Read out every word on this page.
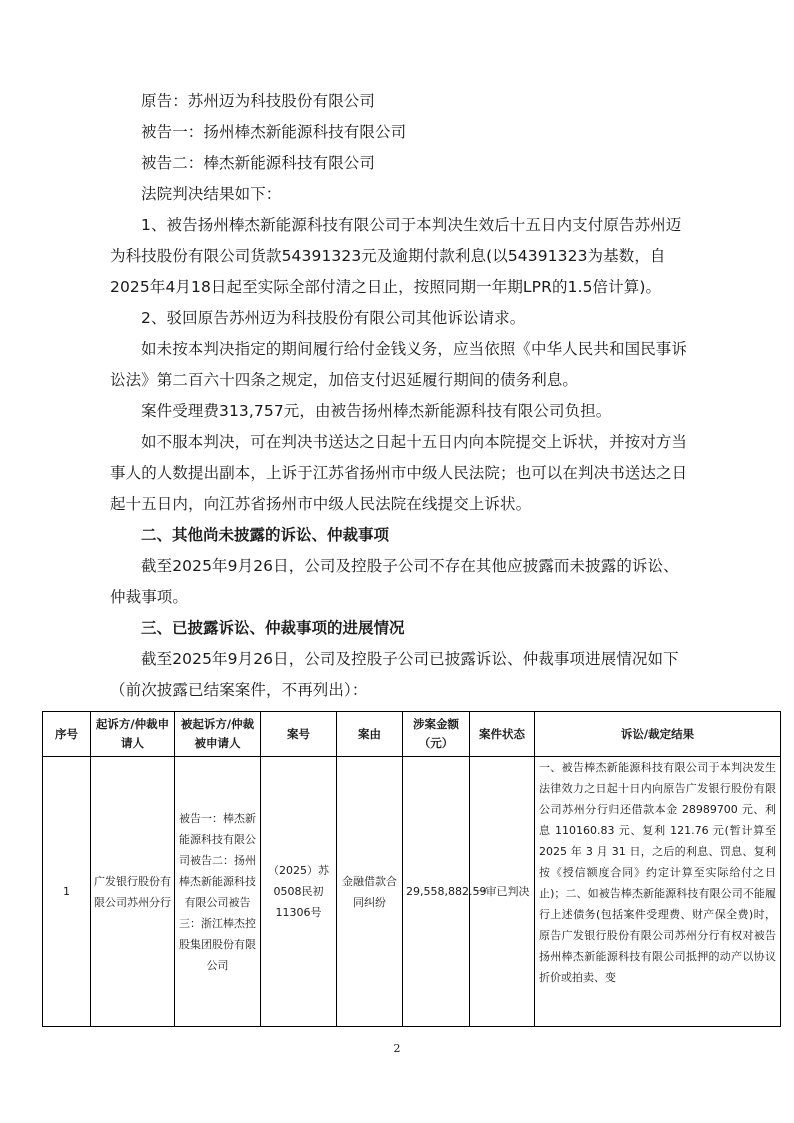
原告：苏州迈为科技股份有限公司

被告一：扬州棒杰新能源科技有限公司

被告二：棒杰新能源科技有限公司

法院判决结果如下：

1、被告扬州棒杰新能源科技有限公司于本判决生效后十五日内支付原告苏州迈为科技股份有限公司货款54391323元及逾期付款利息(以54391323为基数，自2025年4月18日起至实际全部付清之日止，按照同期一年期LPR的1.5倍计算)。

2、驳回原告苏州迈为科技股份有限公司其他诉讼请求。

如未按本判决指定的期间履行给付金钱义务，应当依照《中华人民共和国民事诉讼法》第二百六十四条之规定，加倍支付迟延履行期间的债务利息。

案件受理费313,757元，由被告扬州棒杰新能源科技有限公司负担。

如不服本判决，可在判决书送达之日起十五日内向本院提交上诉状，并按对方当事人的人数提出副本，上诉于江苏省扬州市中级人民法院；也可以在判决书送达之日起十五日内，向江苏省扬州市中级人民法院在线提交上诉状。

二、其他尚未披露的诉讼、仲裁事项

截至2025年9月26日，公司及控股子公司不存在其他应披露而未披露的诉讼、仲裁事项。

三、已披露诉讼、仲裁事项的进展情况

截至2025年9月26日，公司及控股子公司已披露诉讼、仲裁事项进展情况如下（前次披露已结案案件，不再列出）：

序号	起诉方/仲裁申请人	被起诉方/仲裁被申请人	案号	案由	涉案金额（元）	案件状态	诉讼/裁定结果
1	广发银行股份有限公司苏州分行	被告一：棒杰新能源科技有限公司被告二：扬州棒杰新能源科技有限公司被告三：浙江棒杰控股集团股份有限公司	（2025）苏0508民初11306号	金融借款合同纠纷	29,558,882.59	一审已判决	一、被告棒杰新能源科技有限公司于本判决发生法律效力之日起十日内向原告广发银行股份有限公司苏州分行归还借款本金 28989700 元、利息 110160.83 元、复利 121.76 元(暂计算至 2025 年 3 月 31 日，之后的利息、罚息、复利按《授信额度合同》约定计算至实际给付之日止)；二、如被告棒杰新能源科技有限公司不能履行上述债务(包括案件受理费、财产保全费)时，原告广发银行股份有限公司苏州分行有权对被告扬州棒杰新能源科技有限公司抵押的动产以协议折价或拍卖、变
2
